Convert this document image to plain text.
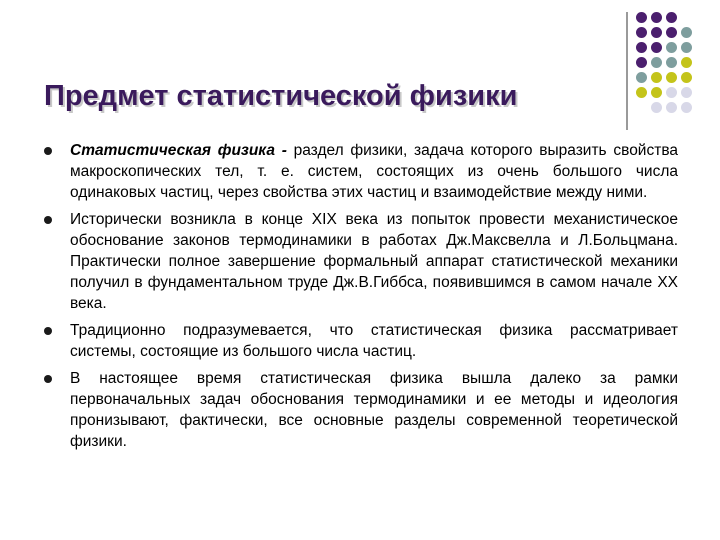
Предмет статистической физики
Статистическая физика - раздел физики, задача которого выразить свойства макроскопических тел, т. е. систем, состоящих из очень большого числа одинаковых частиц, через свойства этих частиц и взаимодействие между ними.
Исторически возникла в конце XIX века из попыток провести механистическое обоснование законов термодинамики в работах Дж.Максвелла и Л.Больцмана. Практически полное завершение формальный аппарат статистической механики получил в фундаментальном труде Дж.В.Гиббса, появившимся в самом начале XX века.
Традиционно подразумевается, что статистическая физика рассматривает системы, состоящие из большого числа частиц.
В настоящее время статистическая физика вышла далеко за рамки первоначальных задач обоснования термодинамики и ее методы и идеология пронизывают, фактически, все основные разделы современной теоретической физики.
